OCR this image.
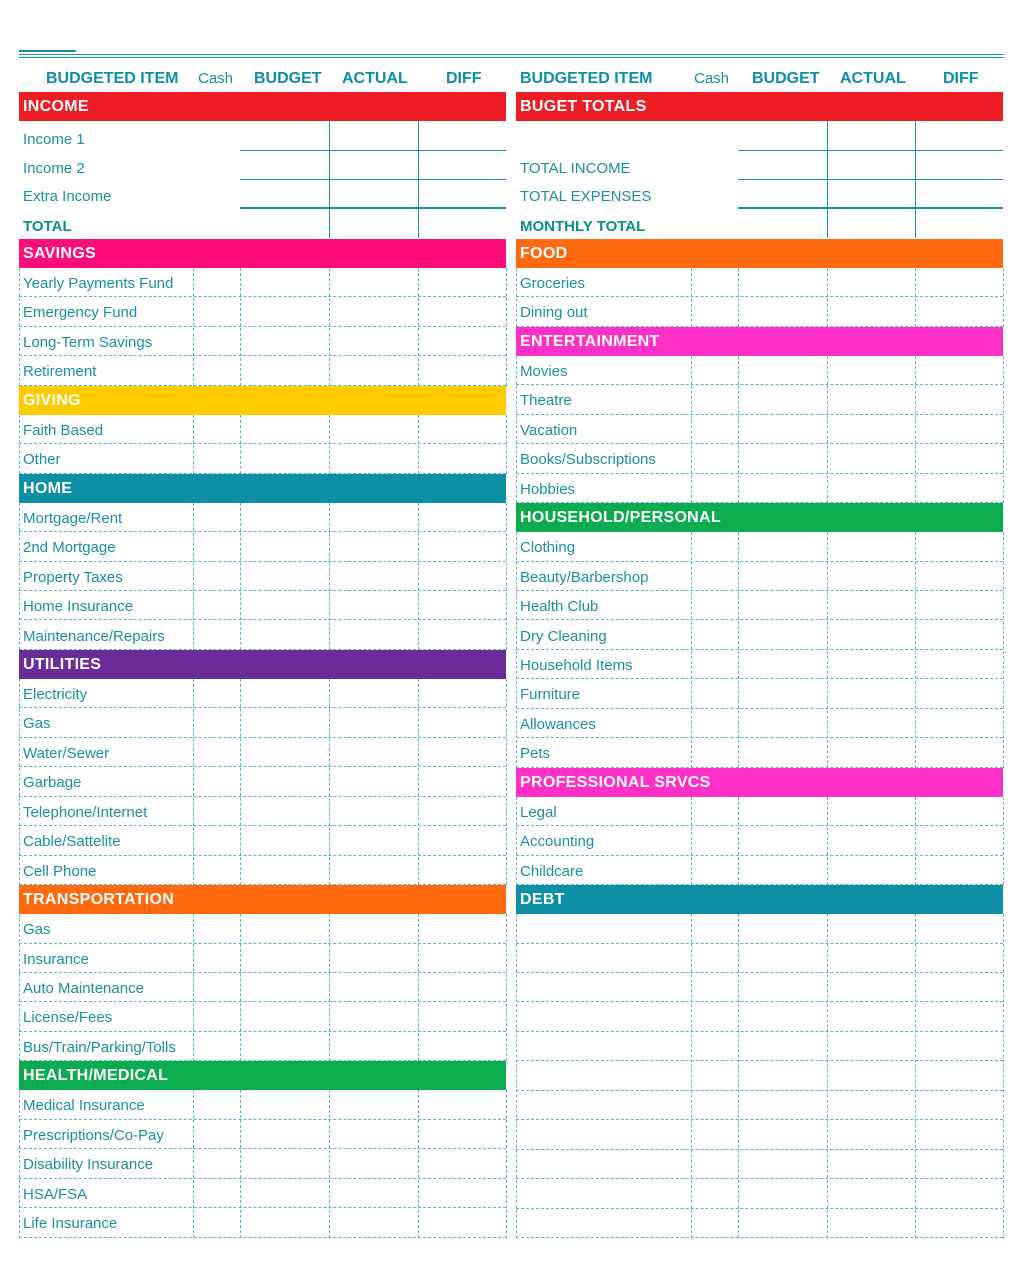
BUDGETED ITEM Cash BUDGET ACTUAL DIFF
INCOME
Income 1
Income 2
Extra Income
TOTAL
SAVINGS
Yearly Payments Fund
Emergency Fund
Long-Term Savings
Retirement
GIVING
Faith Based
Other
HOME
Mortgage/Rent
2nd Mortgage
Property Taxes
Home Insurance
Maintenance/Repairs
UTILITIES
Electricity
Gas
Water/Sewer
Garbage
Telephone/Internet
Cable/Sattelite
Cell Phone
TRANSPORTATION
Gas
Insurance
Auto Maintenance
License/Fees
Bus/Train/Parking/Tolls
HEALTH/MEDICAL
Medical Insurance
Prescriptions/Co-Pay
Disability Insurance
HSA/FSA
Life Insurance
BUDGETED ITEM	Cash BUDGET ACTUAL DIFF
BUGET TOTALS
TOTAL INCOME
TOTAL EXPENSES
MONTHLY TOTAL
FOOD
Groceries
Dining out
ENTERTAINMENT
Movies
Theatre
Vacation
Books/Subscriptions
Hobbies
HOUSEHOLD/PERSONAL
Clothing
Beauty/Barbershop
Health Club
Dry Cleaning
Household Items
Furniture
Allowances
Pets
PROFESSIONAL SRVCS
Legal
Accounting
Childcare
DEBT
